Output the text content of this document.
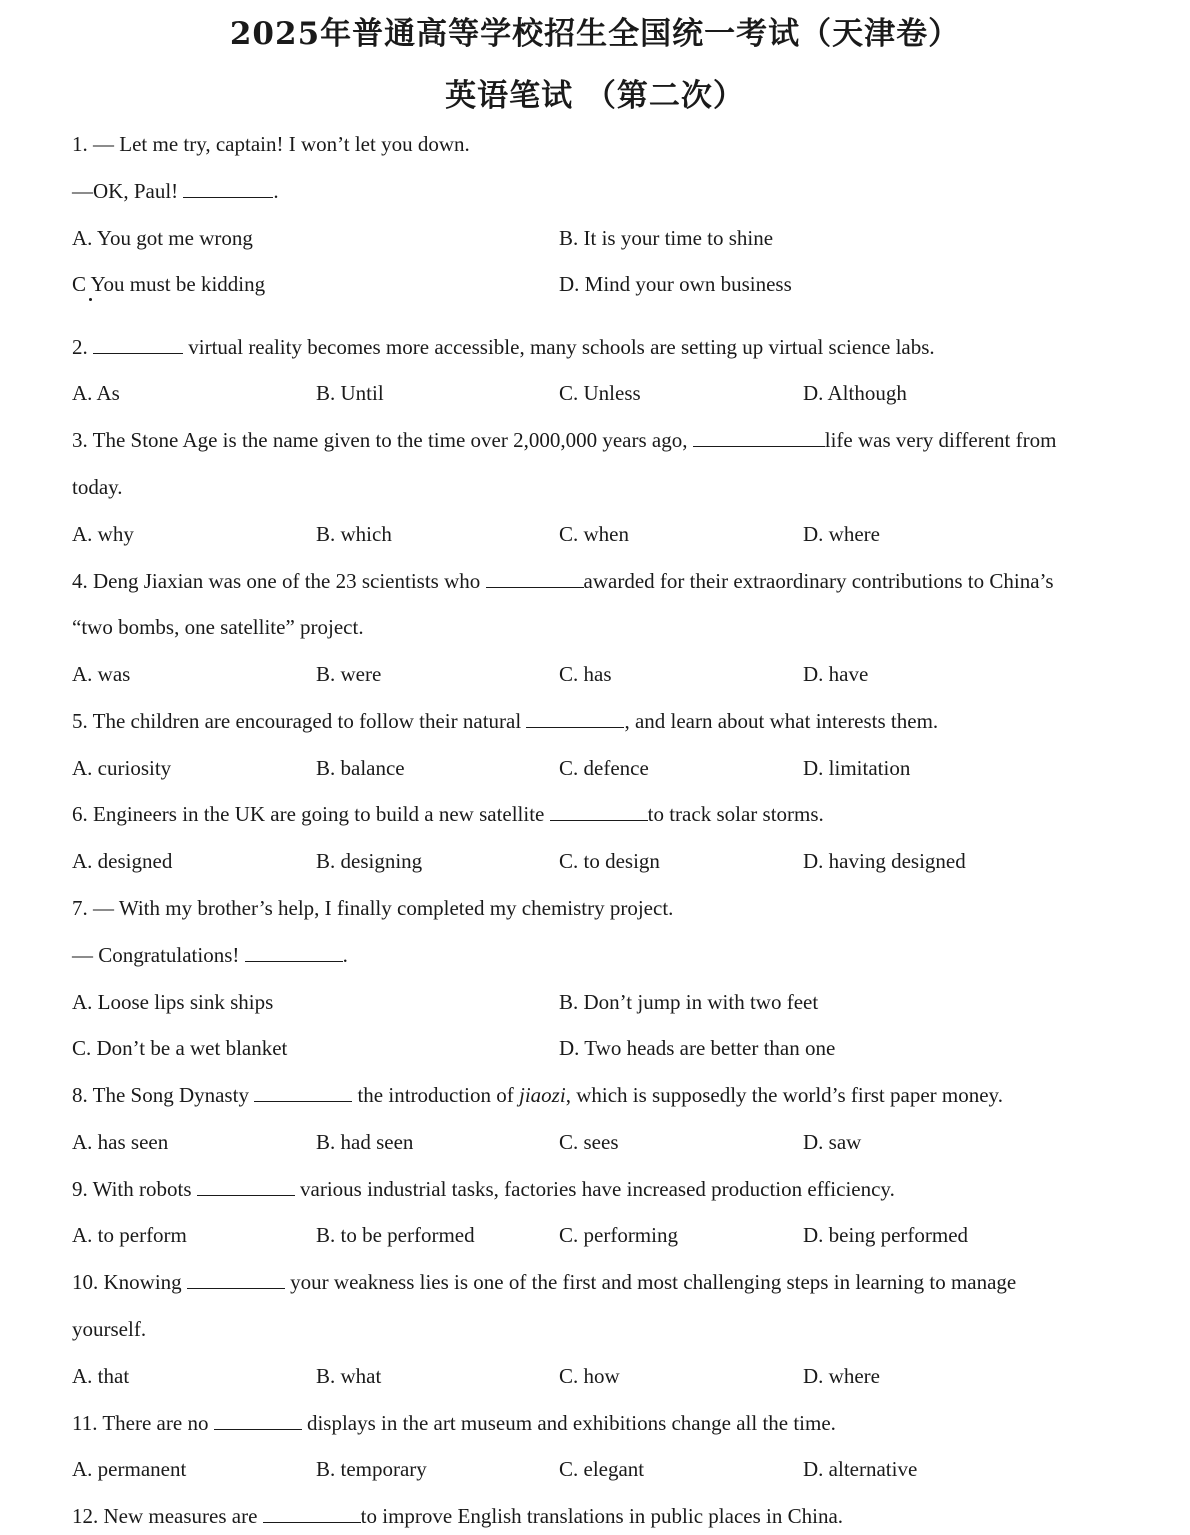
2025年普通高等学校招生全国统一考试（天津卷）
英语笔试 （第二次）
1. — Let me try, captain! I won’t let you down.
—OK, Paul!	.
A. You got me wrong	B. It is your time to shine
C You must be kidding	D. Mind your own business
2.	virtual reality becomes more accessible, many schools are setting up virtual science labs.
A. As	B. Until	C. Unless	D. Although
3. The Stone Age is the name given to the time over 2,000,000 years ago,	life was very different from
today.
A. why	B. which	C. when	D. where
4. Deng Jiaxian was one of the 23 scientists who	awarded for their extraordinary contributions to China’s
“two bombs, one satellite” project.
A. was	B. were	C. has	D. have
5. The children are encouraged to follow their natural	, and learn about what interests them.
A. curiosity	B. balance	C. defence	D. limitation
6. Engineers in the UK are going to build a new satellite	to track solar storms.
A. designed	B. designing	C. to design	D. having designed
7. — With my brother’s help, I finally completed my chemistry project.
— Congratulations!	.
A. Loose lips sink ships	B. Don’t jump in with two feet
C. Don’t be a wet blanket	D. Two heads are better than one
8. The Song Dynasty	the introduction of jiaozi, which is supposedly the world’s first paper money.
A. has seen	B. had seen	C. sees	D. saw
9. With robots	various industrial tasks, factories have increased production efficiency.
A. to perform	B. to be performed	C. performing	D. being performed
10. Knowing	your weakness lies is one of the first and most challenging steps in learning to manage
yourself.
A. that	B. what	C. how	D. where
11. There are no	displays in the art museum and exhibitions change all the time.
A. permanent	B. temporary	C. elegant	D. alternative
12. New measures are	to improve English translations in public places in China.
